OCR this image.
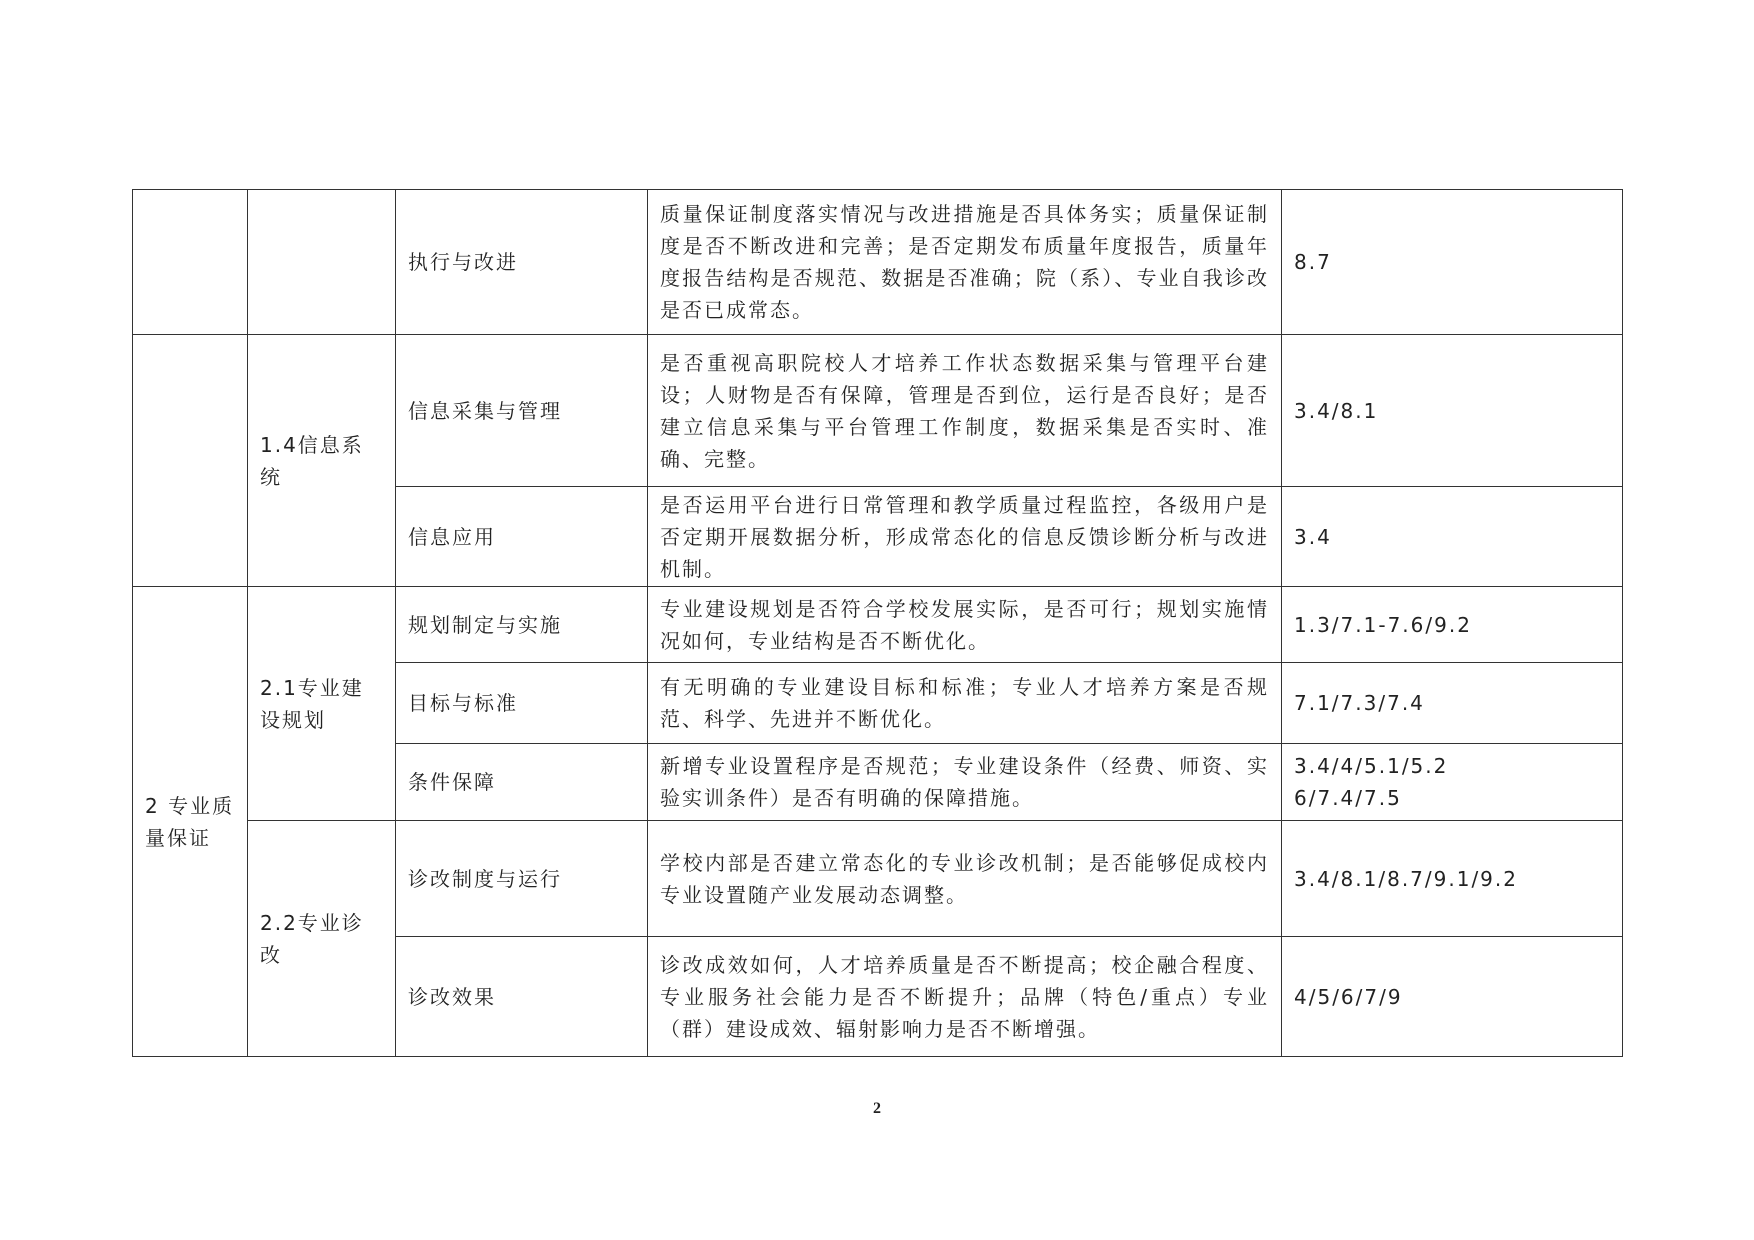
		执行与改进	质量保证制度落实情况与改进措施是否具体务实；质量保证制度是否不断改进和完善；是否定期发布质量年度报告，质量年度报告结构是否规范、数据是否准确；院（系）、专业自我诊改是否已成常态。	8.7

	1.4信息系统	信息采集与管理	是否重视高职院校人才培养工作状态数据采集与管理平台建设；人财物是否有保障，管理是否到位，运行是否良好；是否建立信息采集与平台管理工作制度，数据采集是否实时、准确、完整。	3.4/8.1

		信息应用	是否运用平台进行日常管理和教学质量过程监控，各级用户是否定期开展数据分析，形成常态化的信息反馈诊断分析与改进机制。	3.4

2 专业质量保证	2.1专业建设规划	规划制定与实施	专业建设规划是否符合学校发展实际，是否可行；规划实施情况如何，专业结构是否不断优化。	1.3/7.1-7.6/9.2

		目标与标准	有无明确的专业建设目标和标准；专业人才培养方案是否规范、科学、先进并不断优化。	7.1/7.3/7.4

		条件保障	新增专业设置程序是否规范；专业建设条件（经费、师资、实验实训条件）是否有明确的保障措施。	3.4/4/5.1/5.2
6/7.4/7.5

	2.2专业诊改	诊改制度与运行	学校内部是否建立常态化的专业诊改机制；是否能够促成校内专业设置随产业发展动态调整。	3.4/8.1/8.7/9.1/9.2

		诊改效果	诊改成效如何，人才培养质量是否不断提高；校企融合程度、专业服务社会能力是否不断提升；品牌（特色/重点）专业（群）建设成效、辐射影响力是否不断增强。	4/5/6/7/9
2
